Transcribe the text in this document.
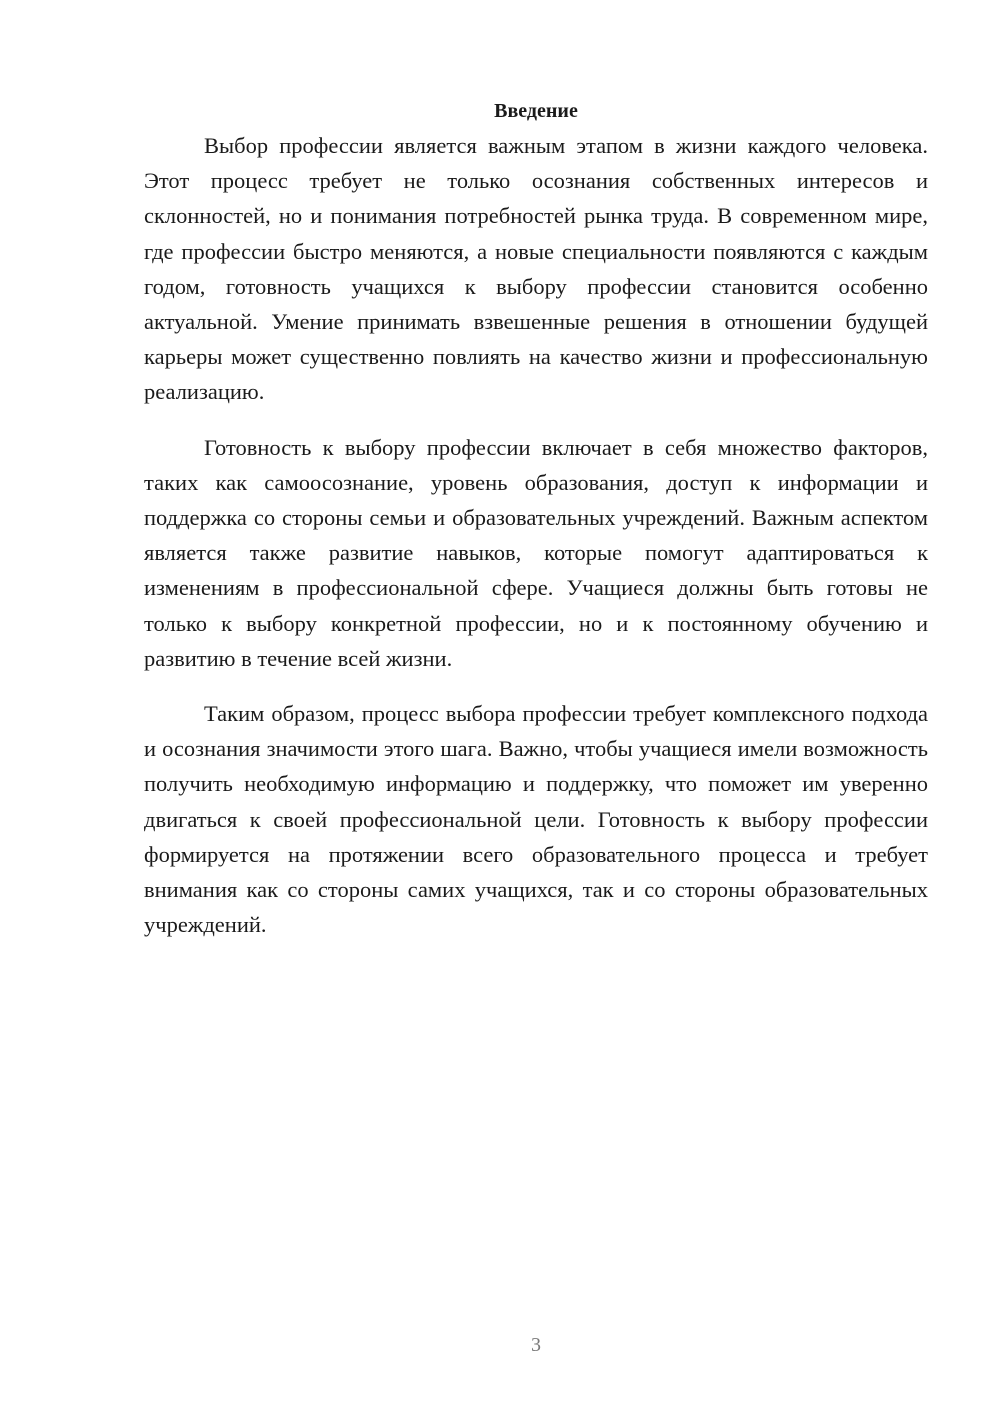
Введение

Выбор профессии является важным этапом в жизни каждого человека. Этот процесс требует не только осознания собственных интересов и склонностей, но и понимания потребностей рынка труда. В современном мире, где профессии быстро меняются, а новые специальности появляются с каждым годом, готовность учащихся к выбору профессии становится особенно актуальной. Умение принимать взвешенные решения в отношении будущей карьеры может существенно повлиять на качество жизни и профессиональную реализацию.

Готовность к выбору профессии включает в себя множество факторов, таких как самоосознание, уровень образования, доступ к информации и поддержка со стороны семьи и образовательных учреждений. Важным аспектом является также развитие навыков, которые помогут адаптироваться к изменениям в профессиональной сфере. Учащиеся должны быть готовы не только к выбору конкретной профессии, но и к постоянному обучению и развитию в течение всей жизни.

Таким образом, процесс выбора профессии требует комплексного подхода и осознания значимости этого шага. Важно, чтобы учащиеся имели возможность получить необходимую информацию и поддержку, что поможет им уверенно двигаться к своей профессиональной цели. Готовность к выбору профессии формируется на протяжении всего образовательного процесса и требует внимания как со стороны самих учащихся, так и со стороны образовательных учреждений.

3
